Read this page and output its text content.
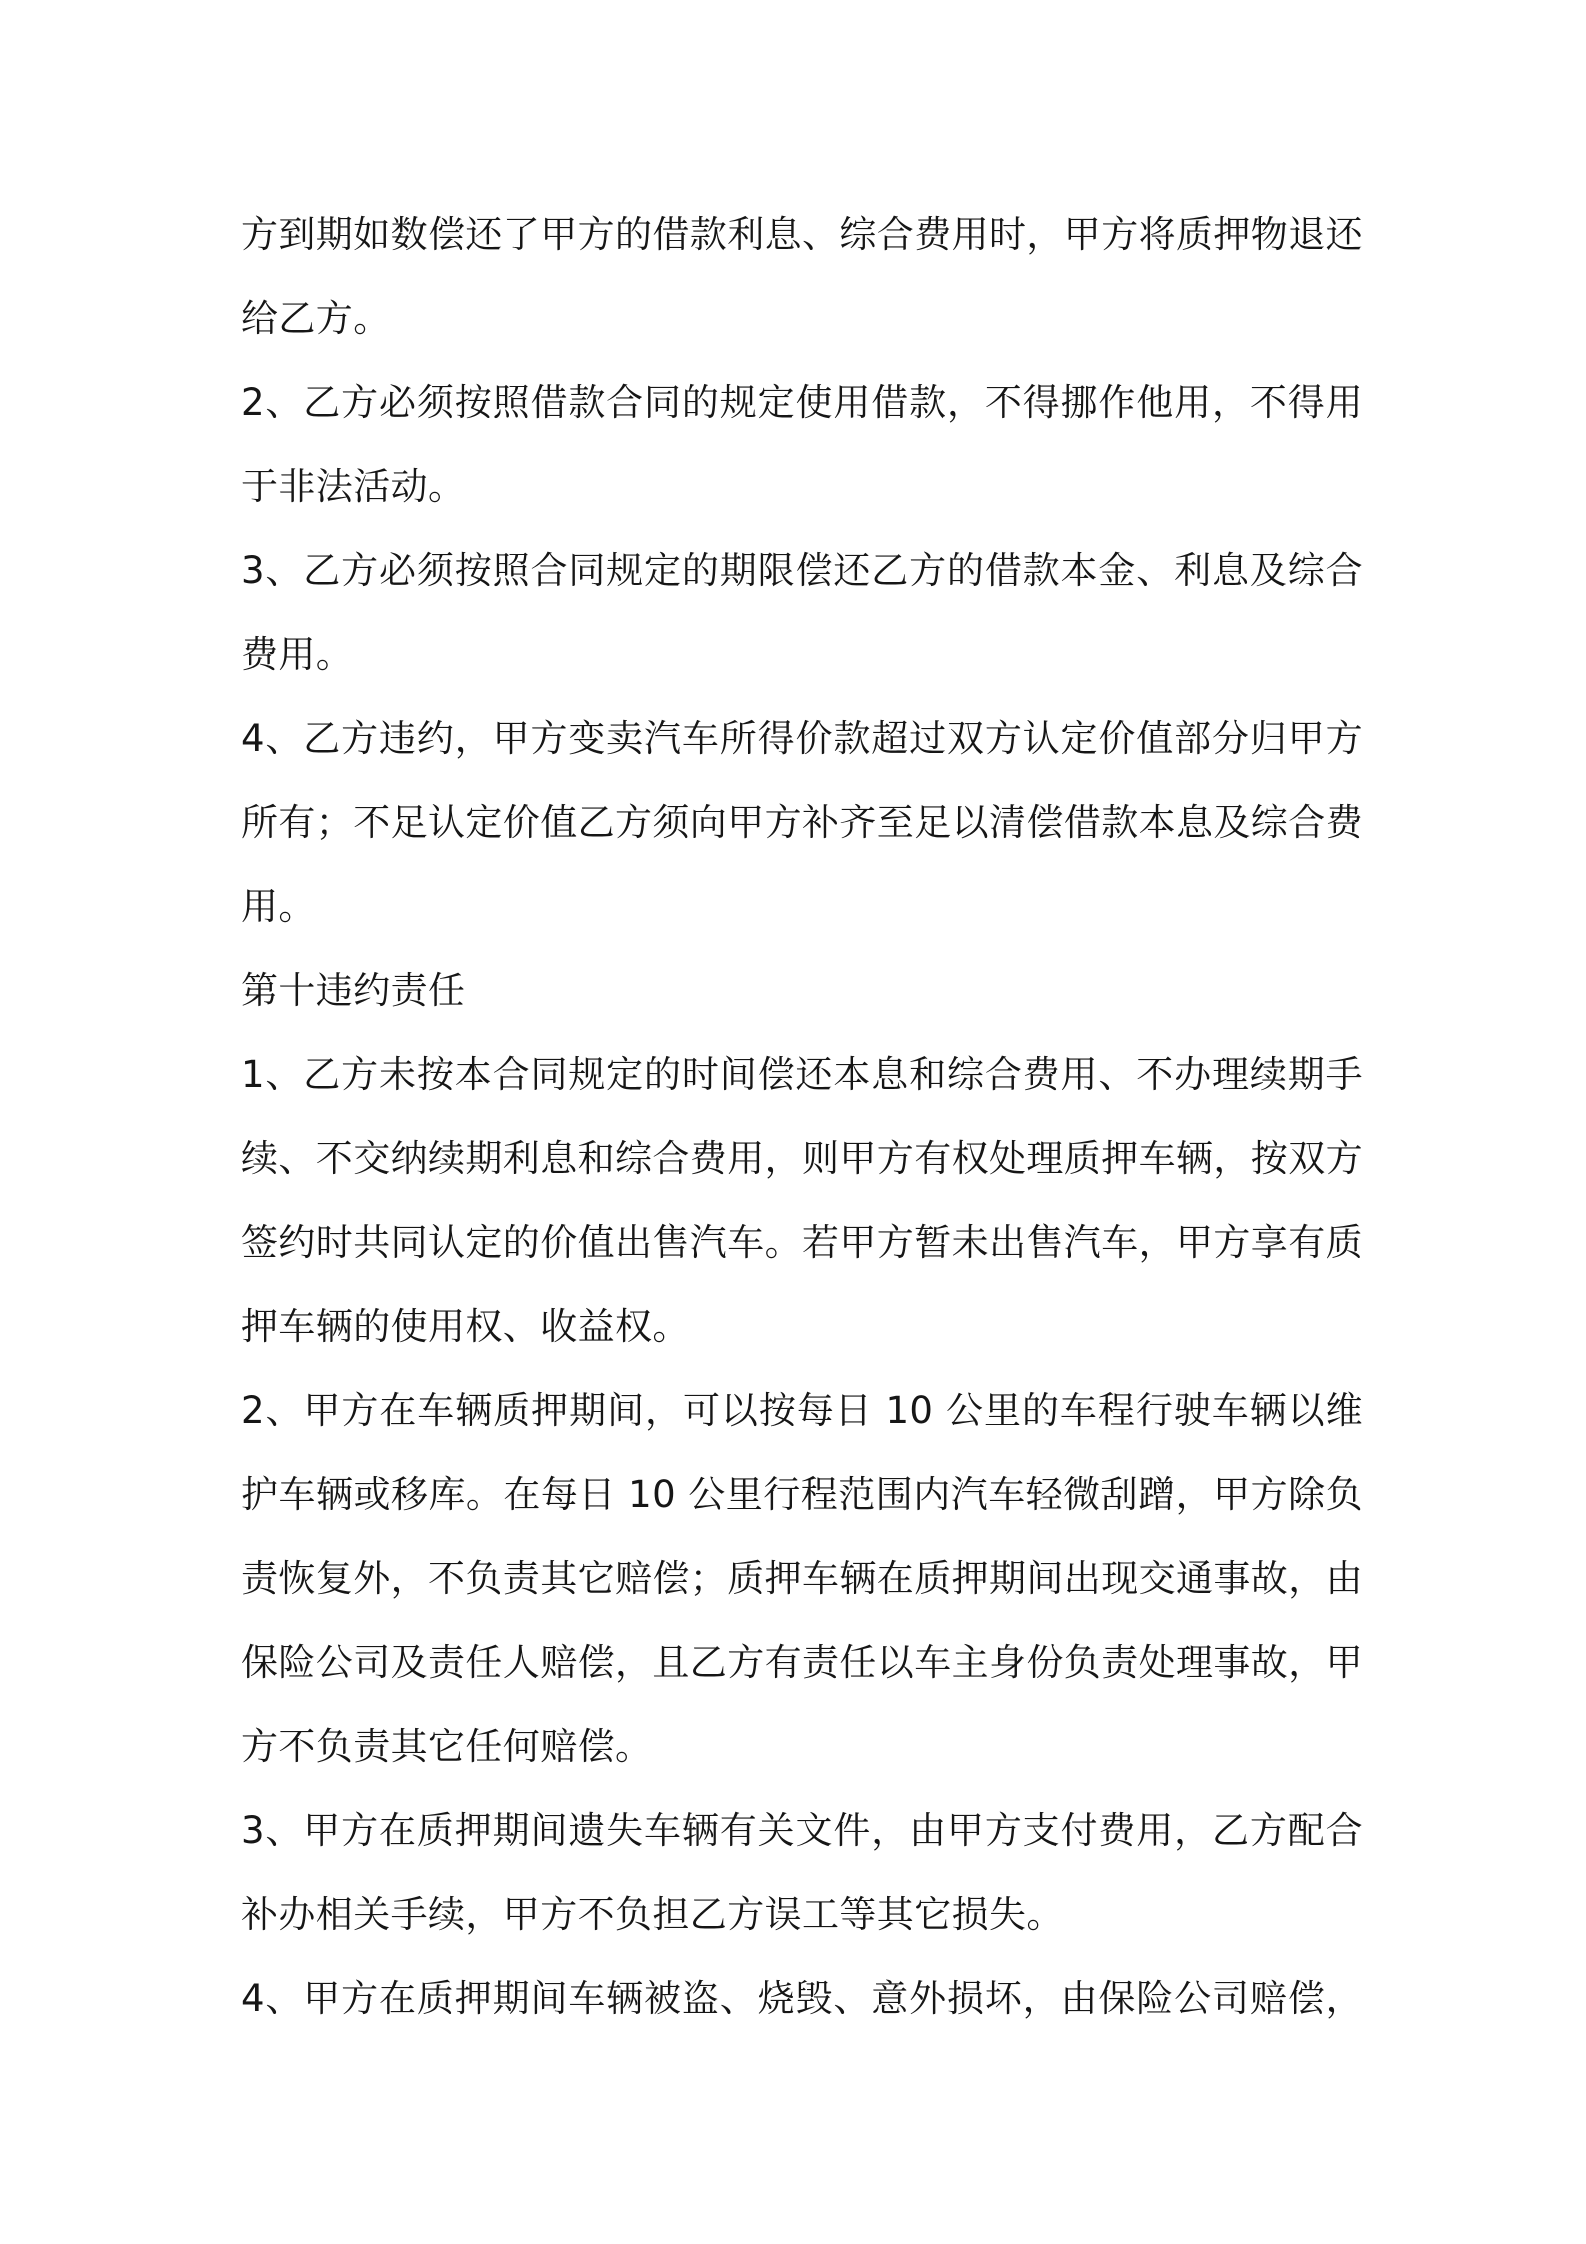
方到期如数偿还了甲方的借款利息、综合费用时，甲方将质押物退还
给乙方。
2、乙方必须按照借款合同的规定使用借款，不得挪作他用，不得用
于非法活动。
3、乙方必须按照合同规定的期限偿还乙方的借款本金、利息及综合
费用。
4、乙方违约，甲方变卖汽车所得价款超过双方认定价值部分归甲方
所有；不足认定价值乙方须向甲方补齐至足以清偿借款本息及综合费
用。
第十违约责任
1、乙方未按本合同规定的时间偿还本息和综合费用、不办理续期手
续、不交纳续期利息和综合费用，则甲方有权处理质押车辆，按双方
签约时共同认定的价值出售汽车。若甲方暂未出售汽车，甲方享有质
押车辆的使用权、收益权。
2、甲方在车辆质押期间，可以按每日 10 公里的车程行驶车辆以维
护车辆或移库。在每日 10 公里行程范围内汽车轻微刮蹭，甲方除负
责恢复外，不负责其它赔偿；质押车辆在质押期间出现交通事故，由
保险公司及责任人赔偿，且乙方有责任以车主身份负责处理事故，甲
方不负责其它任何赔偿。
3、甲方在质押期间遗失车辆有关文件，由甲方支付费用，乙方配合
补办相关手续，甲方不负担乙方误工等其它损失。
4、甲方在质押期间车辆被盗、烧毁、意外损坏，由保险公司赔偿，
